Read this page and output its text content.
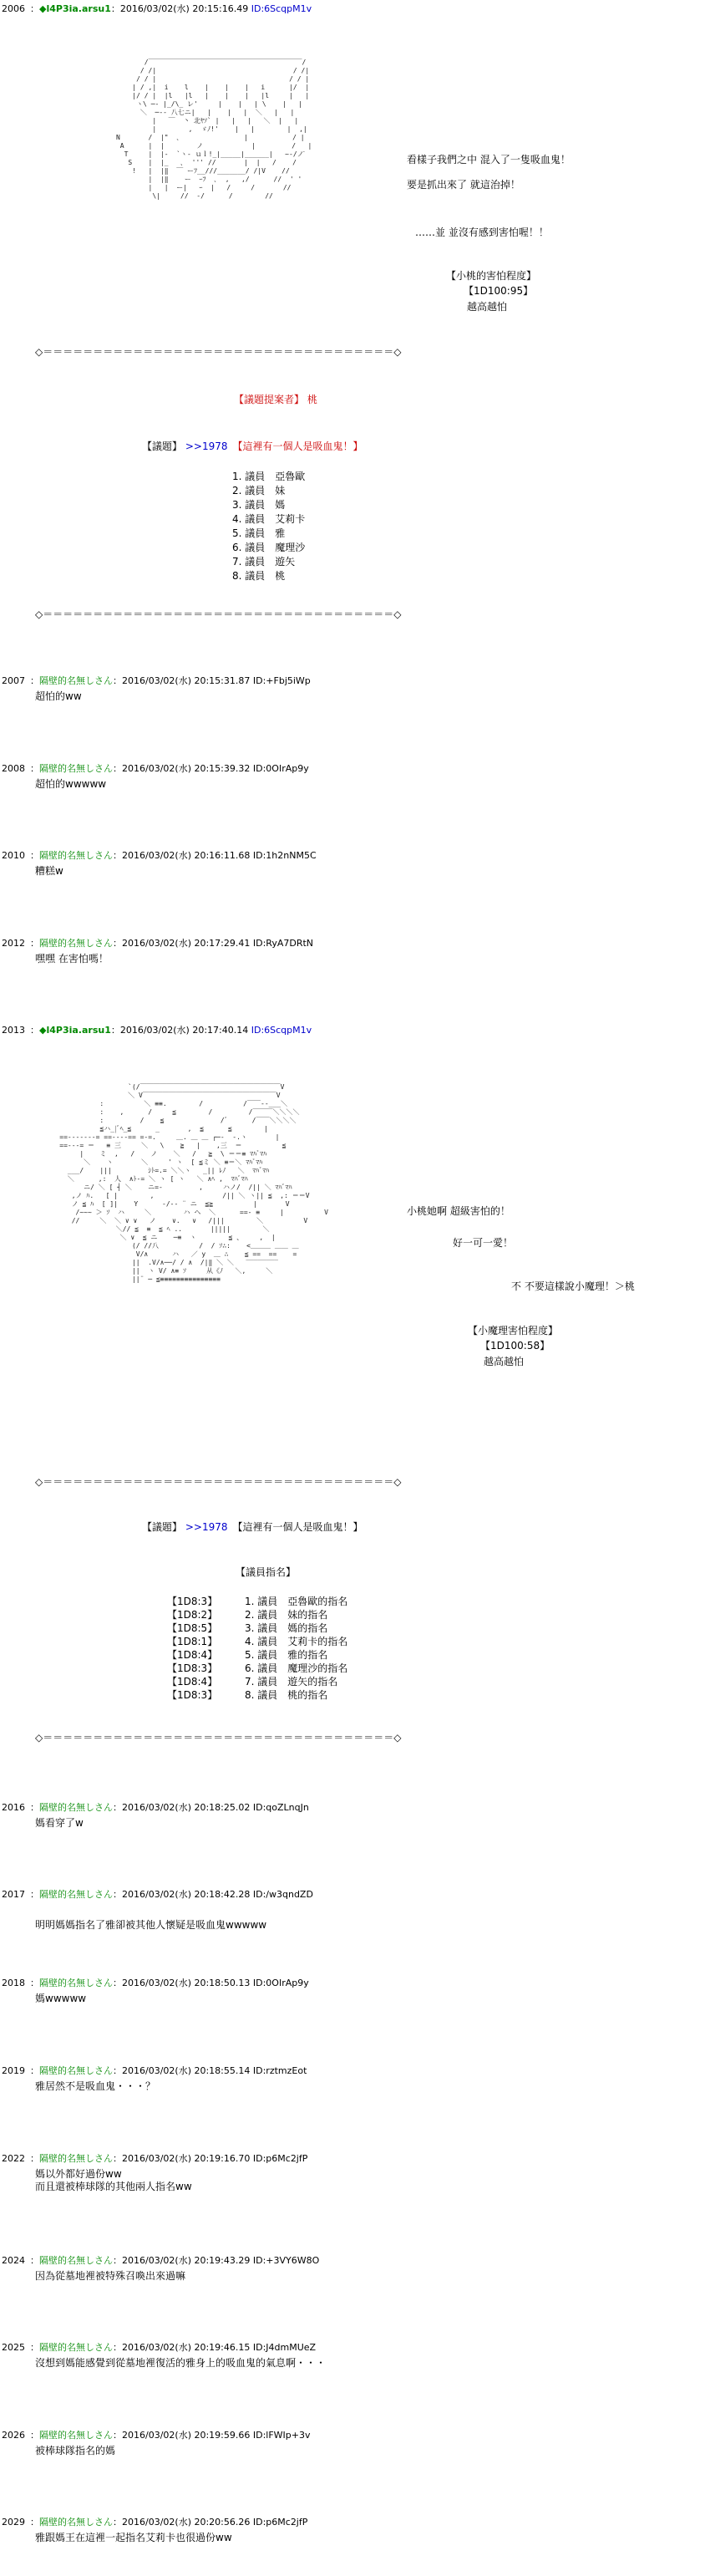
2006 ：◆l4P3ia.arsu1：2016/03/02(水) 20:15:16.49 ID:6ScqpM1v
/￣￣￣￣￣￣￣￣￣￣￣￣￣￣￣￣￣￣￣￣￣￣￣/
/ /|                                  / /|
/ / |                                 / / |
| / ,|  i    l    |    |    |   i      |/  |
|/ / |  |l   |l   |    |    |   |l     |   |
ヽ\ ─- |_/\_ レ'     |    |   | \    |   |
＼  ─-- 八七ニ|   |    |   |  ＼   |   |
|   ￣  丶 北ﾔｿ` |   |   |   ＼  |   |
|        ,  ゞﾉ!'    |   |        |  ,|
N       /  |"  ､                |           / |
A      |  |        ノ            |         /   |
T     |  |-  `ヽ- ｕｌ!_|_____|______|   ~-/ノ̄
S    |  |_   ､  ''' //       |  |   /    /
!   |  |‖  ￣ ーﾌ__///_______/ /|V    //
|  |‖    ー  ｰﾌ  ､  ,   ,/      //  ' '
|   |  ー|   ｰ  |   /     /       //
\|     //  -/      /        //
看樣子我們之中 混入了一隻吸血鬼！
要是抓出來了 就這治掉！
……並 並沒有感到害怕喔！！
【小桃的害怕程度】
【1D100:95】
越高越怕
◇＝＝＝＝＝＝＝＝＝＝＝＝＝＝＝＝＝＝＝＝＝＝＝＝＝＝＝＝＝＝＝＝＝＝＝◇
【議題提案者】 桃
【議題】 >>1978　 【這裡有一個人是吸血鬼！】

1. 議員　亞魯歐
2. 議員　妹
3. 議員　媽
4. 議員　艾莉卡
5. 議員　雅
6. 議員　魔理沙
7. 議員　遊矢
8. 議員　桃

◇＝＝＝＝＝＝＝＝＝＝＝＝＝＝＝＝＝＝＝＝＝＝＝＝＝＝＝＝＝＝＝＝＝＝＝◇
2007 ：隔壁的名無しさん：2016/03/02(水) 20:15:31.87 ID:+Fbj5iWp
超怕的ww
2008 ：隔壁的名無しさん：2016/03/02(水) 20:15:39.32 ID:0OIrAp9y
超怕的wwwww
2010 ：隔壁的名無しさん：2016/03/02(水) 20:16:11.68 ID:1h2nNM5C
糟糕w
2012 ：隔壁的名無しさん：2016/03/02(水) 20:17:29.41 ID:RyA7DRtN
嘿嘿 在害怕嗎！
2013 ：◆l4P3ia.arsu1：2016/03/02(水) 20:17:40.14 ID:6ScqpM1v
`(/￣￣￣￣￣￣￣￣￣￣￣￣￣￣￣￣￣￣￣￣￣V
＼ V￣￣￣￣￣￣￣￣￣￣￣￣￣￣￣￣￣￣￣￣V
:          ＼ ≡≡.        /          /￣￣--___＼
:    ,      /     ≦        /         /￣￣￣＼＼＼＼
:         /    ≦              /ﾞ      /￣￣＼＼＼＼
≦ハ_|ﾞﾍ_≦      _       ,  ≦      ≦        |
==-------= ==----== =-=.     ＿. ＿ ＿ ┌─-  -.ヽ       |
==---= ＝   ≡ 三     ＼   \    ≧   |    ,三  ＝          ≦
|    ミ  ,   /    ノ    ＼   /   ≧  \ ＝＝≡ ﾏﾊﾞﾏﾊ
＼    ヽ       ＼     ' ヽ  [ ≦ミ ＼ ≡＝＼ ﾏﾊﾞﾏﾊ
___/    |||         ｼﾄ=.= ＼＼ヽ   _|| ﾚﾉ   ＼  ﾏﾊﾞﾏﾊ
＼      ,:  人  ∧ﾄ-= ＼ ヽ [ ヽ   ＼ ∧ﾍ ,  ﾏﾊﾞﾏﾊ
ニ/ ＼ [ ┤ ＼    ニ=-         ,     ハノ/  /|| ＼ ﾏﾊﾞﾏﾊ
,ノ ﾊ.   [ |        ,                 /|| ＼ ヽ|| ≦  ,: ＝＝V
ノ ≦ ﾊ  [ ]|    Y      -/-- ¨ ニ  ≦≧          |       V
/~~~ ＞ ｿ  ハ     ＼        ハ ヘ  ＼      ==- ≡     |          V
//     ＼  ＼ ∨ ∨   ノ    ∨.   ∨   /|||        ＼          V
＼// ≦  ≡  ≦ ﾍ ..       |||||        ＼
＼ ∨  ≦ ニ    ─≡  ヽ        ≦ 、    ,  |
(/ //八          /  / ｿ∴:    <＿＿＿ ＿＿ ＿
V/∧      ハ   ／ y  ＿ ∴    ≦ ==  ==    =
||  .V/∧──/ / ∧  /|‖ ＼ ＼   ‾‾‾‾‾‾‾‾
||  ヽ V/ ∧≡ ｿ     从《ﾉ   ＼,     ＼
||¨ ─ ≦≡≡≡≡≡≡≡≡≡≡≡≡≡≡≡
小桃她啊 超級害怕的！
好一可一愛！
不 不要這樣說小魔理！＞桃
【小魔理害怕程度】
【1D100:58】
越高越怕
◇＝＝＝＝＝＝＝＝＝＝＝＝＝＝＝＝＝＝＝＝＝＝＝＝＝＝＝＝＝＝＝＝＝＝＝◇
【議題】 >>1978　 【這裡有一個人是吸血鬼！】
【議員指名】

【1D8:3】
【1D8:2】
【1D8:5】
【1D8:1】
【1D8:4】
【1D8:3】
【1D8:4】
【1D8:3】

1. 議員　亞魯歐的指名
2. 議員　妹的指名
3. 議員　媽的指名
4. 議員　艾莉卡的指名
5. 議員　雅的指名
6. 議員　魔理沙的指名
7. 議員　遊矢的指名
8. 議員　桃的指名

◇＝＝＝＝＝＝＝＝＝＝＝＝＝＝＝＝＝＝＝＝＝＝＝＝＝＝＝＝＝＝＝＝＝＝＝◇
2016 ：隔壁的名無しさん：2016/03/02(水) 20:18:25.02 ID:qoZLnqJn
媽看穿了w
2017 ：隔壁的名無しさん：2016/03/02(水) 20:18:42.28 ID:/w3qndZD
明明媽媽指名了雅卻被其他人懷疑是吸血鬼wwwww
2018 ：隔壁的名無しさん：2016/03/02(水) 20:18:50.13 ID:0OIrAp9y
媽wwwww
2019 ：隔壁的名無しさん：2016/03/02(水) 20:18:55.14 ID:rztmzEot
雅居然不是吸血鬼・・・？
2022 ：隔壁的名無しさん：2016/03/02(水) 20:19:16.70 ID:p6Mc2jfP
媽以外都好過份ww
而且還被棒球隊的其他兩人指名ww
2024 ：隔壁的名無しさん：2016/03/02(水) 20:19:43.29 ID:+3VY6W8O
因為從墓地裡被特殊召喚出來過嘛
2025 ：隔壁的名無しさん：2016/03/02(水) 20:19:46.15 ID:J4dmMUeZ
沒想到媽能感覺到從墓地裡復活的雅身上的吸血鬼的氣息啊・・・
2026 ：隔壁的名無しさん：2016/03/02(水) 20:19:59.66 ID:lFWIp+3v
被棒球隊指名的媽
2029 ：隔壁的名無しさん：2016/03/02(水) 20:20:56.26 ID:p6Mc2jfP
雅跟媽王在這裡一起指名艾莉卡也很過份ww
